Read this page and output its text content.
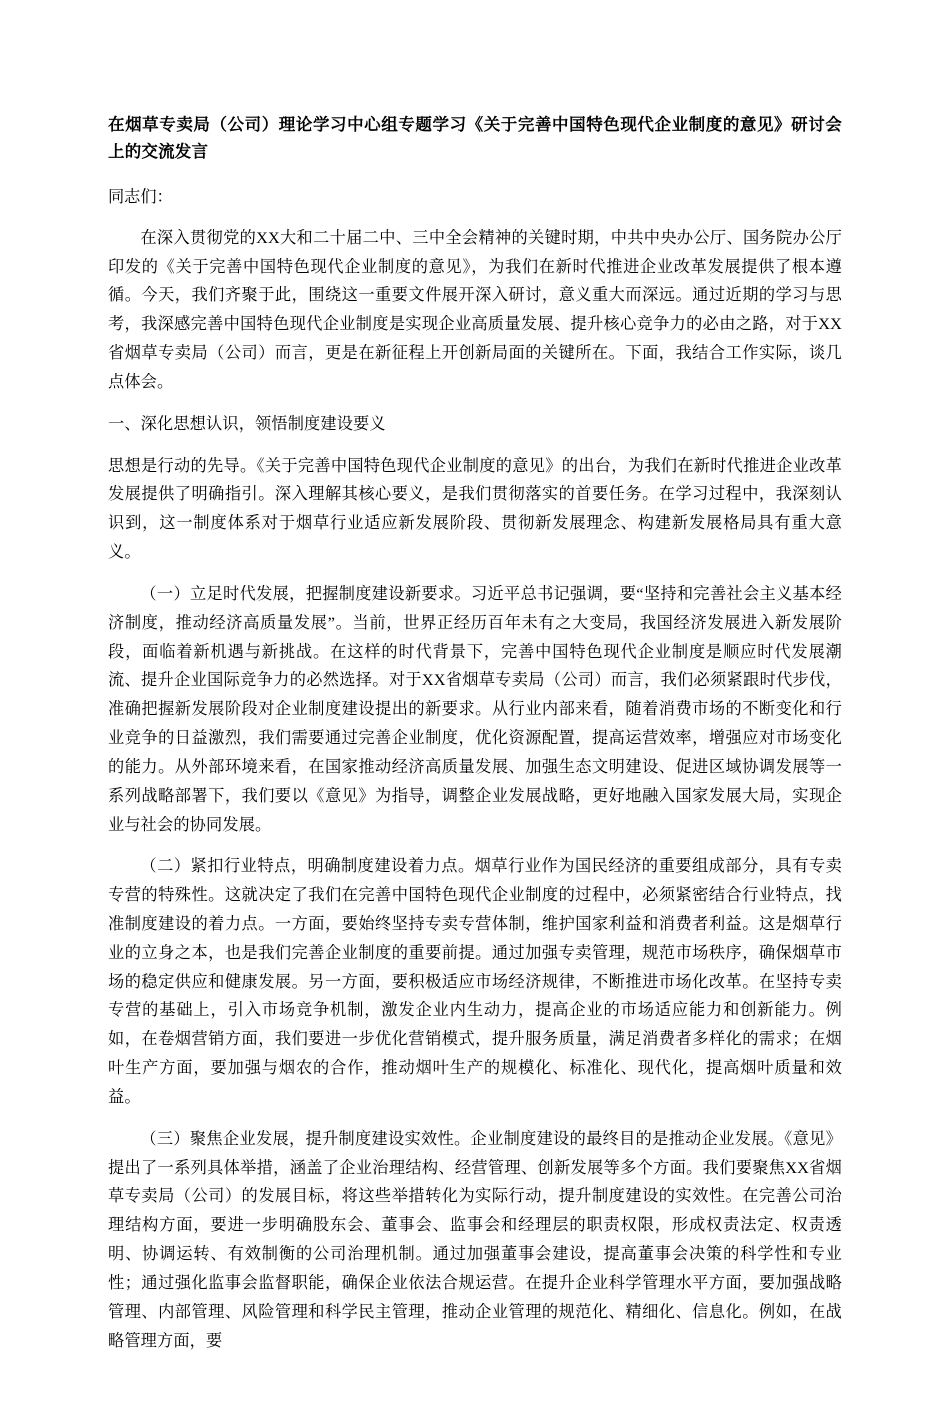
在烟草专卖局（公司）理论学习中心组专题学习《关于完善中国特色现代企业制度的意见》研讨会上的交流发言

同志们：

在深入贯彻党的XX大和二十届二中、三中全会精神的关键时期，中共中央办公厅、国务院办公厅印发的《关于完善中国特色现代企业制度的意见》，为我们在新时代推进企业改革发展提供了根本遵循。今天，我们齐聚于此，围绕这一重要文件展开深入研讨，意义重大而深远。通过近期的学习与思考，我深感完善中国特色现代企业制度是实现企业高质量发展、提升核心竞争力的必由之路，对于XX省烟草专卖局（公司）而言，更是在新征程上开创新局面的关键所在。下面，我结合工作实际，谈几点体会。

一、深化思想认识，领悟制度建设要义

思想是行动的先导。《关于完善中国特色现代企业制度的意见》的出台，为我们在新时代推进企业改革发展提供了明确指引。深入理解其核心要义，是我们贯彻落实的首要任务。在学习过程中，我深刻认识到，这一制度体系对于烟草行业适应新发展阶段、贯彻新发展理念、构建新发展格局具有重大意义。

（一）立足时代发展，把握制度建设新要求。习近平总书记强调，要“坚持和完善社会主义基本经济制度，推动经济高质量发展”。当前，世界正经历百年未有之大变局，我国经济发展进入新发展阶段，面临着新机遇与新挑战。在这样的时代背景下，完善中国特色现代企业制度是顺应时代发展潮流、提升企业国际竞争力的必然选择。对于XX省烟草专卖局（公司）而言，我们必须紧跟时代步伐，准确把握新发展阶段对企业制度建设提出的新要求。从行业内部来看，随着消费市场的不断变化和行业竞争的日益激烈，我们需要通过完善企业制度，优化资源配置，提高运营效率，增强应对市场变化的能力。从外部环境来看，在国家推动经济高质量发展、加强生态文明建设、促进区域协调发展等一系列战略部署下，我们要以《意见》为指导，调整企业发展战略，更好地融入国家发展大局，实现企业与社会的协同发展。

（二）紧扣行业特点，明确制度建设着力点。烟草行业作为国民经济的重要组成部分，具有专卖专营的特殊性。这就决定了我们在完善中国特色现代企业制度的过程中，必须紧密结合行业特点，找准制度建设的着力点。一方面，要始终坚持专卖专营体制，维护国家利益和消费者利益。这是烟草行业的立身之本，也是我们完善企业制度的重要前提。通过加强专卖管理，规范市场秩序，确保烟草市场的稳定供应和健康发展。另一方面，要积极适应市场经济规律，不断推进市场化改革。在坚持专卖专营的基础上，引入市场竞争机制，激发企业内生动力，提高企业的市场适应能力和创新能力。例如，在卷烟营销方面，我们要进一步优化营销模式，提升服务质量，满足消费者多样化的需求；在烟叶生产方面，要加强与烟农的合作，推动烟叶生产的规模化、标准化、现代化，提高烟叶质量和效益。

（三）聚焦企业发展，提升制度建设实效性。企业制度建设的最终目的是推动企业发展。《意见》提出了一系列具体举措，涵盖了企业治理结构、经营管理、创新发展等多个方面。我们要聚焦XX省烟草专卖局（公司）的发展目标，将这些举措转化为实际行动，提升制度建设的实效性。在完善公司治理结构方面，要进一步明确股东会、董事会、监事会和经理层的职责权限，形成权责法定、权责透明、协调运转、有效制衡的公司治理机制。通过加强董事会建设，提高董事会决策的科学性和专业性；通过强化监事会监督职能，确保企业依法合规运营。在提升企业科学管理水平方面，要加强战略管理、内部管理、风险管理和科学民主管理，推动企业管理的规范化、精细化、信息化。例如，在战略管理方面，要
